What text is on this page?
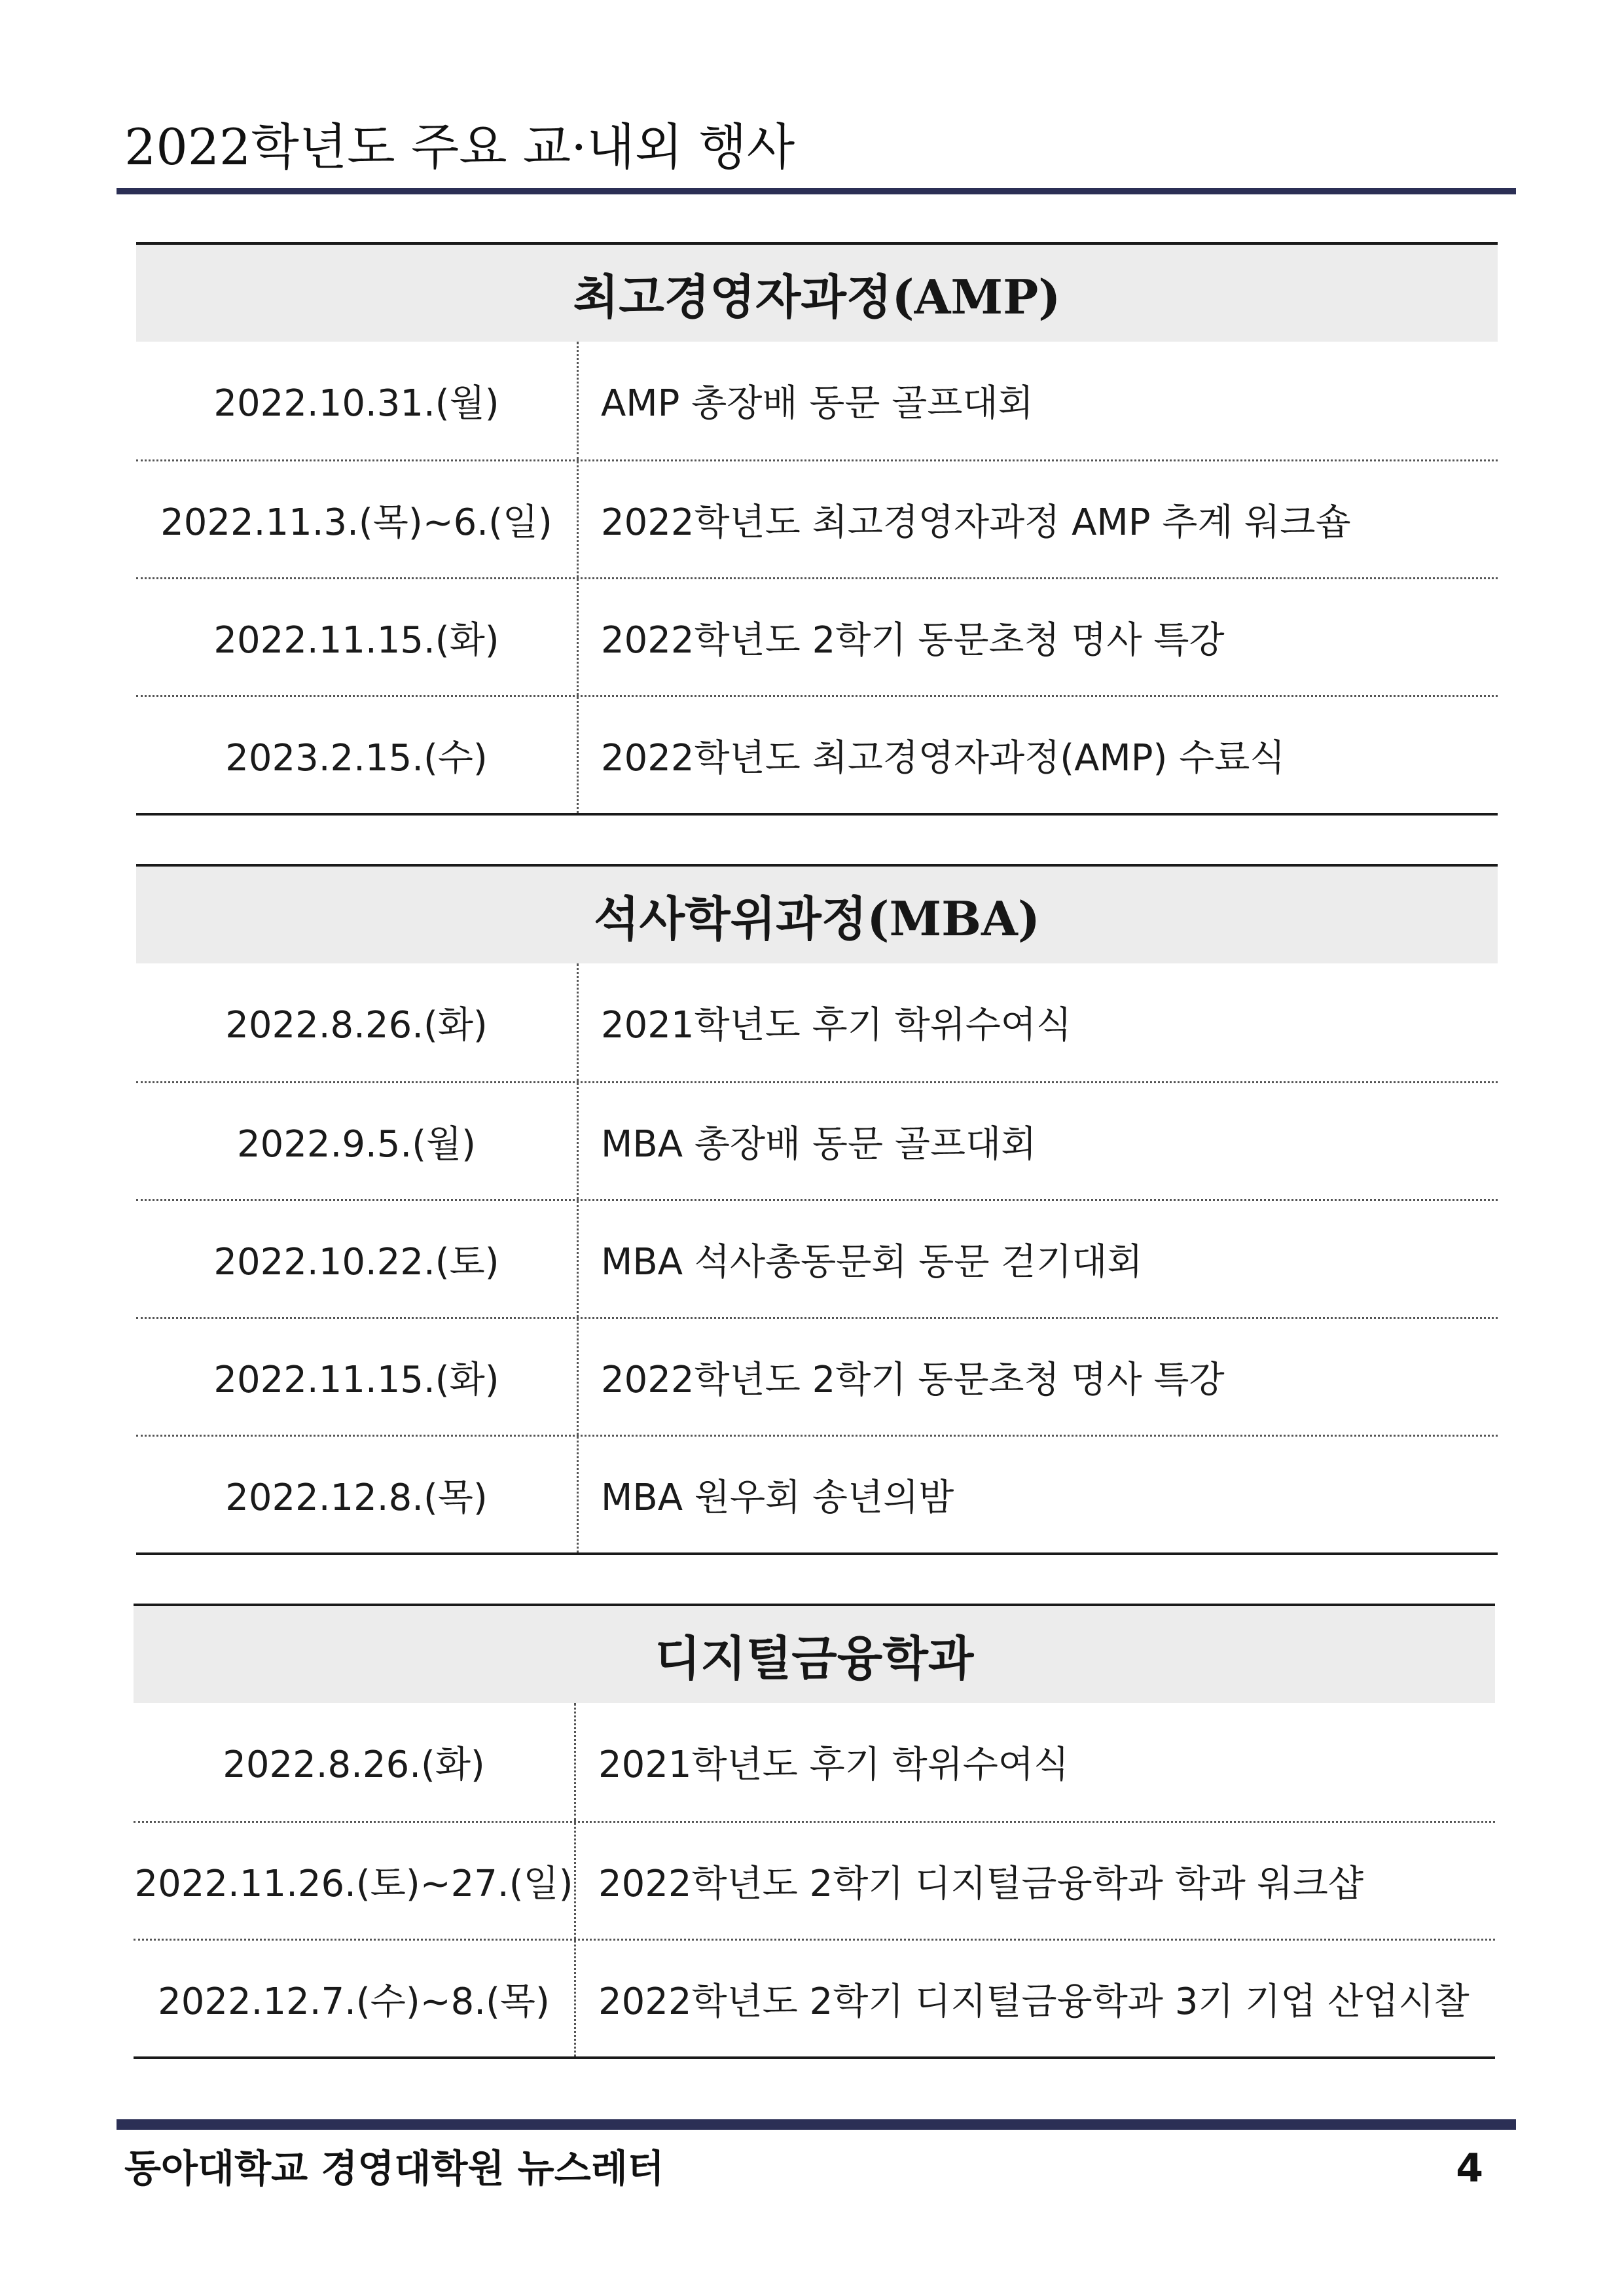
2022학년도 주요 교·내외 행사
최고경영자과정(AMP)
2022.10.31.(월)	AMP 총장배 동문 골프대회
2022.11.3.(목)~6.(일)	2022학년도 최고경영자과정 AMP 추계 워크숍
2022.11.15.(화)	2022학년도 2학기 동문초청 명사 특강
2023.2.15.(수)	2022학년도 최고경영자과정(AMP) 수료식
석사학위과정(MBA)
2022.8.26.(화)	2021학년도 후기 학위수여식
2022.9.5.(월)	MBA 총장배 동문 골프대회
2022.10.22.(토)	MBA 석사총동문회 동문 걷기대회
2022.11.15.(화)	2022학년도 2학기 동문초청 명사 특강
2022.12.8.(목)	MBA 원우회 송년의밤
디지털금융학과
2022.8.26.(화)	2021학년도 후기 학위수여식
2022.11.26.(토)~27.(일) 2022학년도 2학기 디지털금융학과 학과 워크샵
2022.12.7.(수)~8.(목)	2022학년도 2학기 디지털금융학과 3기 기업 산업시찰
동아대학교 경영대학원 뉴스레터	4
